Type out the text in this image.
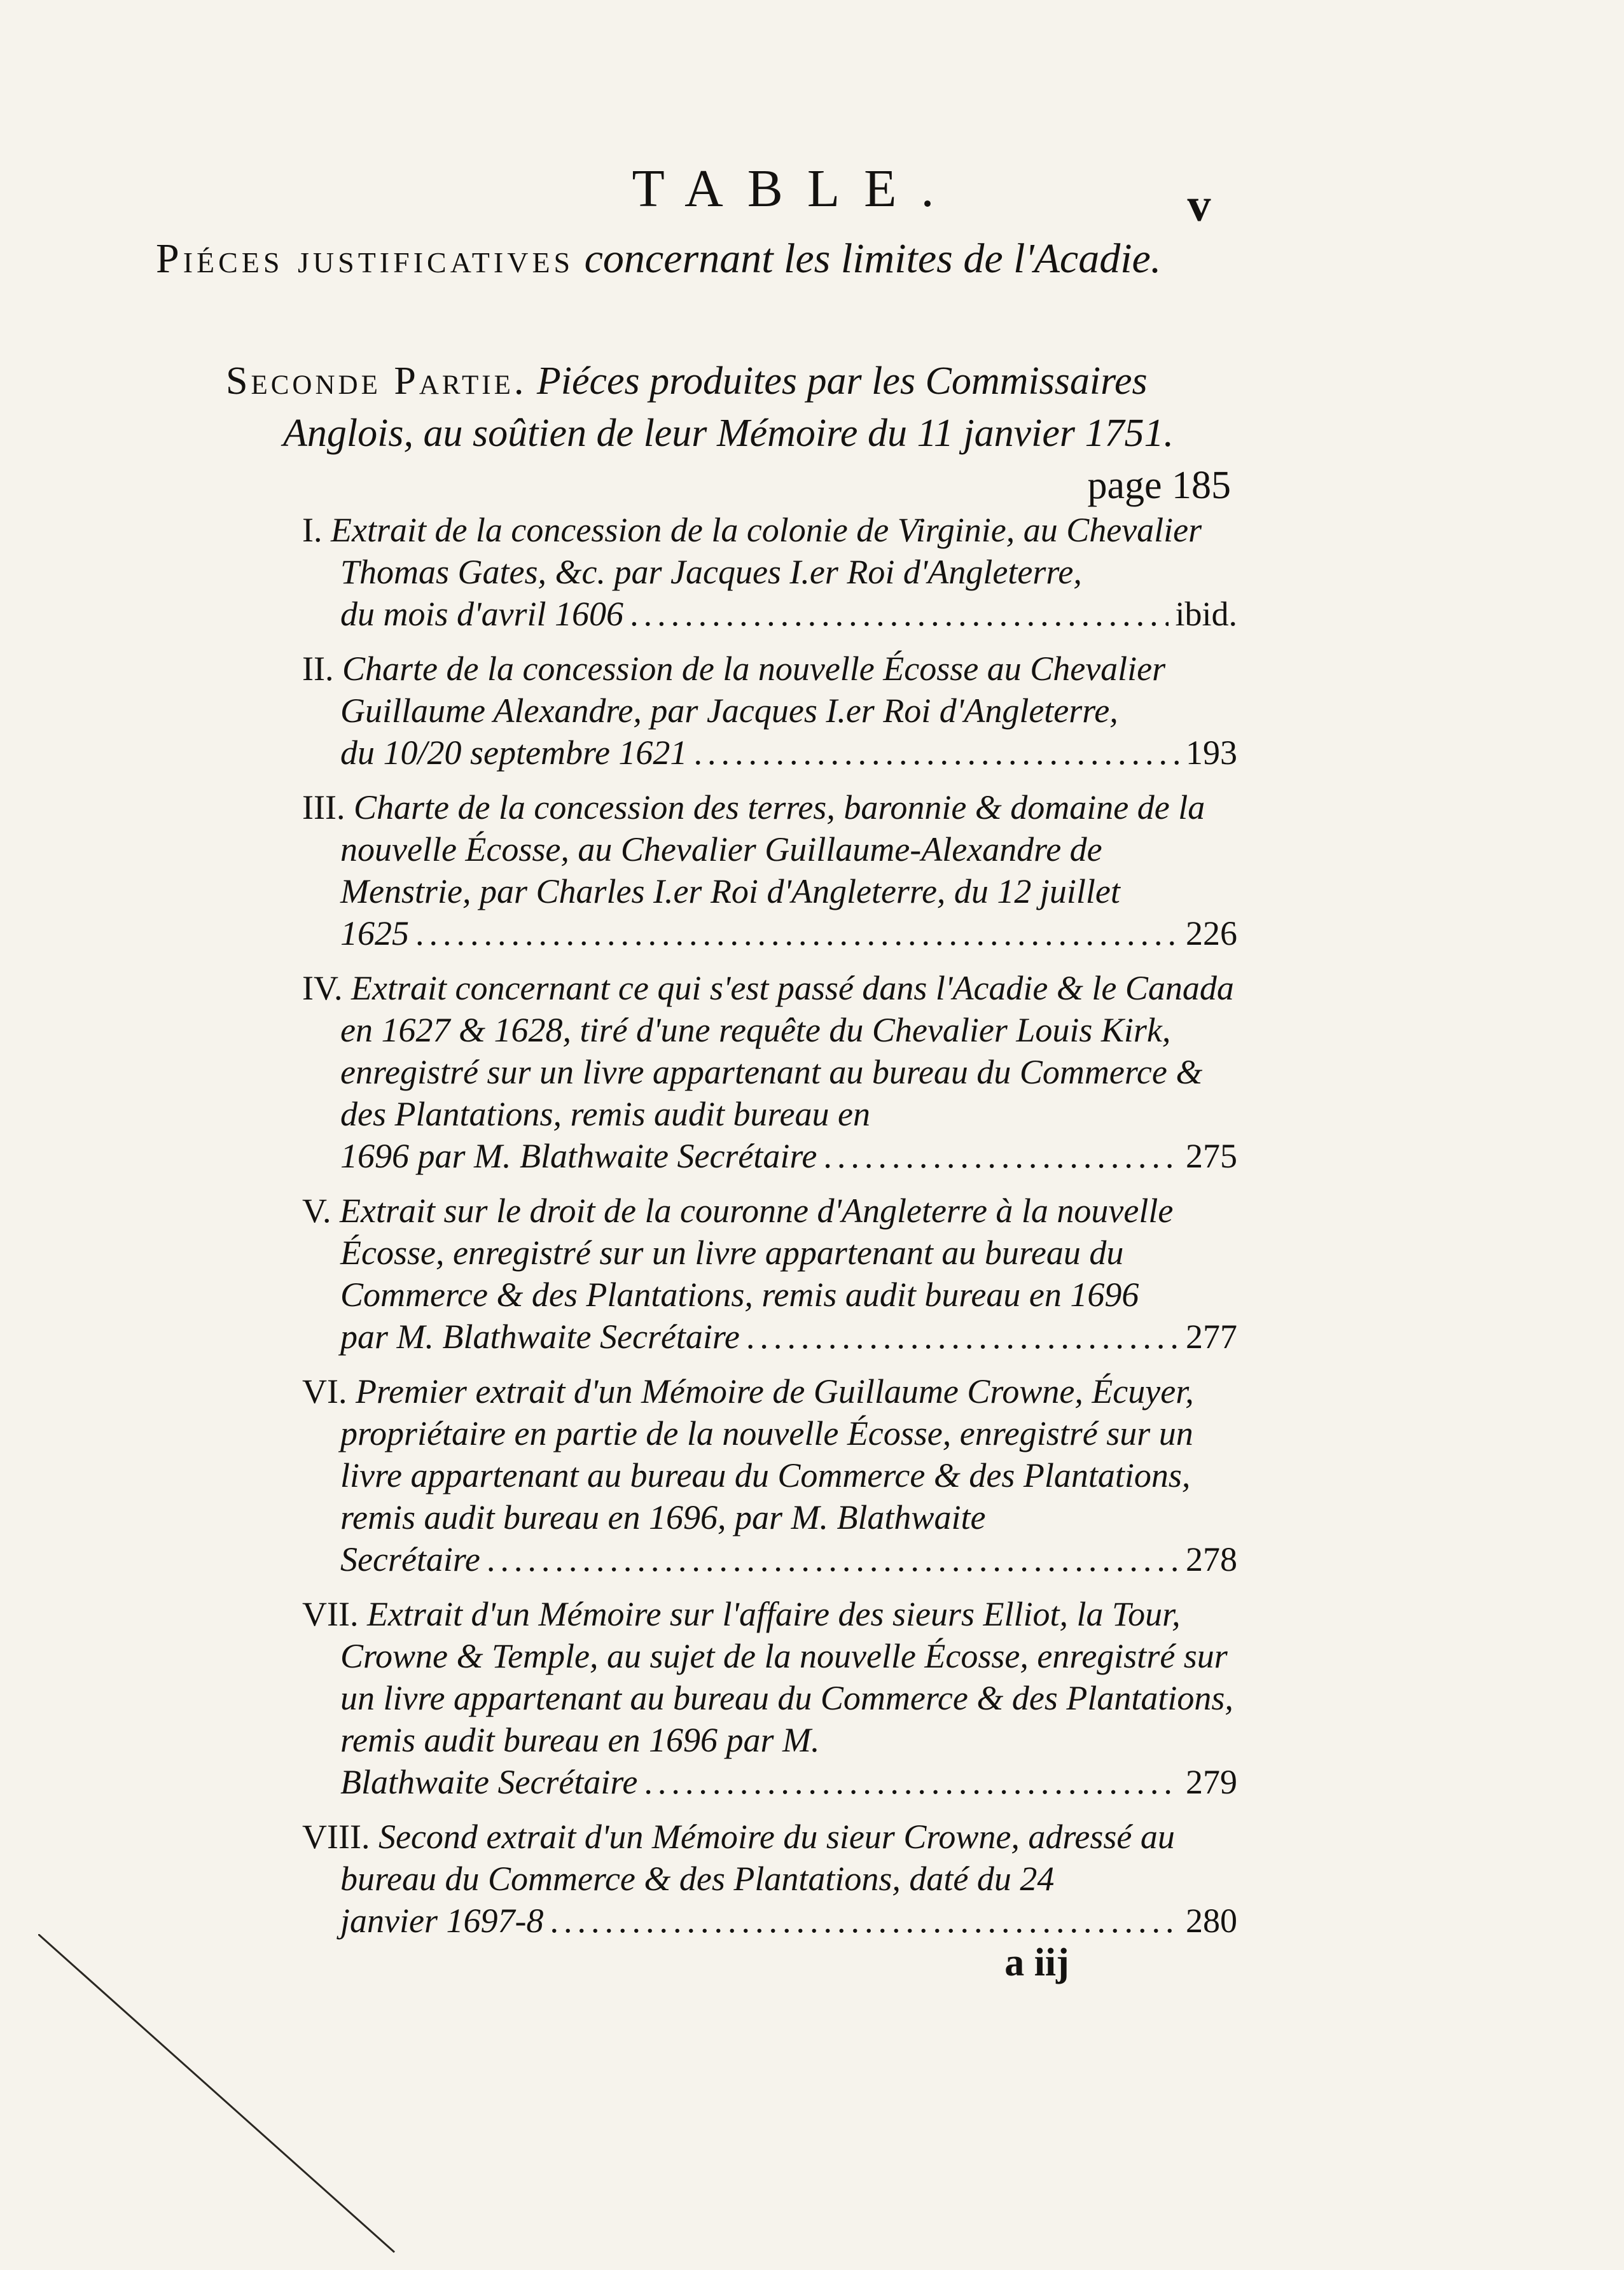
TABLE.	v
Piéces justificatives concernant les limites de l'Acadie.
Seconde Partie. Piéces produites par les Commissaires
Anglois, au soûtien de leur Mémoire du 11 janvier 1751.
page 185
I. Extrait de la concession de la colonie de Virginie, au Chevalier Thomas Gates, &c. par Jacques I.er Roi d'Angleterre,
du mois d'avril 1606 .....	ibid.
II. Charte de la concession de la nouvelle Écosse au Chevalier Guillaume Alexandre, par Jacques I.er Roi d'Angleterre,
du 10/20 septembre 1621 .....	193
III. Charte de la concession des terres, baronnie & domaine de la nouvelle Écosse, au Chevalier Guillaume-Alexandre de Menstrie, par Charles I.er Roi d'Angleterre, du 12 juillet
1625 .....	226
IV. Extrait concernant ce qui s'est passé dans l'Acadie & le Canada en 1627 & 1628, tiré d'une requête du Chevalier Louis Kirk, enregistré sur un livre appartenant au bureau du Commerce & des Plantations, remis audit bureau en
1696 par M. Blathwaite Secrétaire .....	275
V. Extrait sur le droit de la couronne d'Angleterre à la nouvelle Écosse, enregistré sur un livre appartenant au bureau du Commerce & des Plantations, remis audit bureau en 1696
par M. Blathwaite Secrétaire .....	277
VI. Premier extrait d'un Mémoire de Guillaume Crowne, Écuyer, propriétaire en partie de la nouvelle Écosse, enregistré sur un livre appartenant au bureau du Commerce & des Plantations, remis audit bureau en 1696, par M. Blathwaite
Secrétaire .....	278
VII. Extrait d'un Mémoire sur l'affaire des sieurs Elliot, la Tour, Crowne & Temple, au sujet de la nouvelle Écosse, enregistré sur un livre appartenant au bureau du Commerce & des Plantations, remis audit bureau en 1696 par M.
Blathwaite Secrétaire .....	279
VIII. Second extrait d'un Mémoire du sieur Crowne, adressé au bureau du Commerce & des Plantations, daté du 24
janvier 1697-8 .....	280
a iij
